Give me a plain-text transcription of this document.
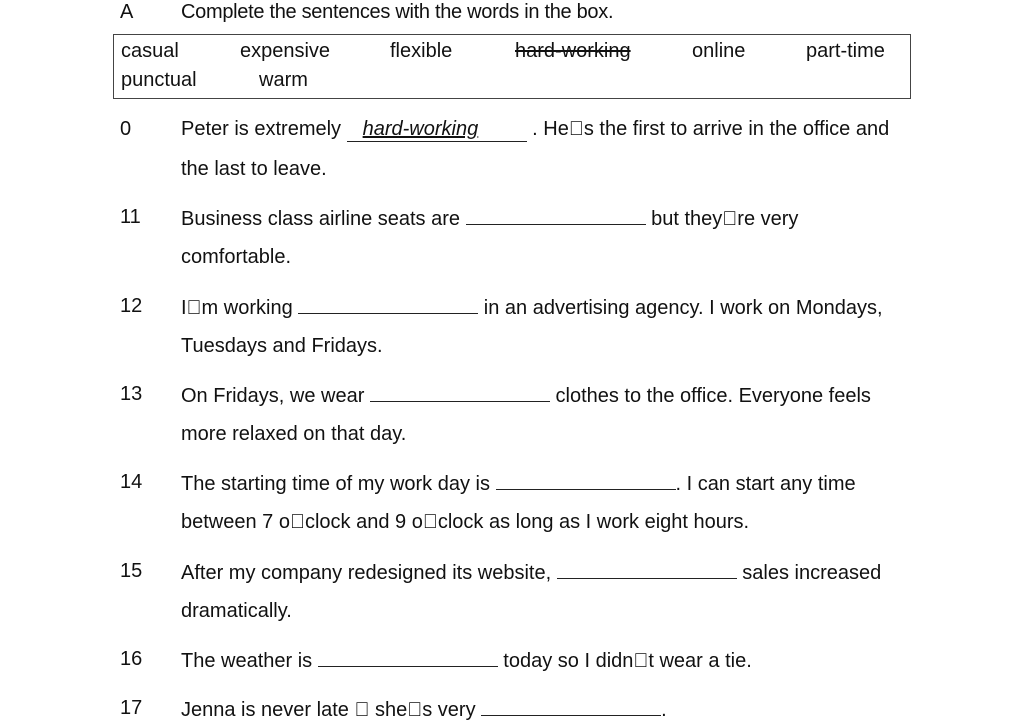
A Complete the sentences with the words in the box.
casual	expensive	flexible	hard-working	online	part-time
punctual	warm
0 Peter is extremely hard-working . He s the first to arrive in the office and
the last to leave.
11 Business class airline seats are	but they re very
comfortable.
12 I m working	in an advertising agency. I work on Mondays,
Tuesdays and Fridays.
13 On Fridays, we wear	clothes to the office. Everyone feels
more relaxed on that day.
14 The starting time of my work day is	. I can start any time
between 7 o clock and 9 o clock as long as I work eight hours.
15 After my company redesigned its website,	sales increased
dramatically.
16 The weather is	today so I didn t wear a tie.
17 Jenna is never late   she s very	.
